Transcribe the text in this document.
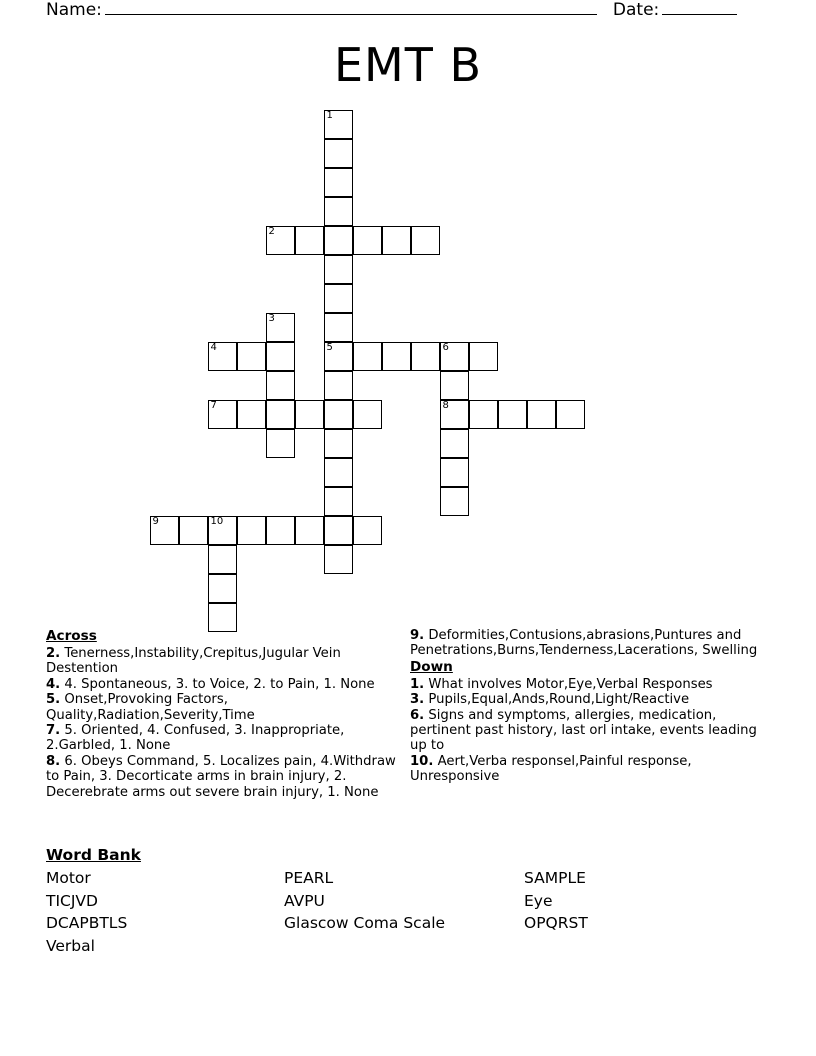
Name:	Date:
EMT B
1
2
3
4	5	6
7	8
9	10
Across
2. Tenerness,Instability,Crepitus,Jugular Vein Destention
4. 4. Spontaneous, 3. to Voice, 2. to Pain, 1. None
5. Onset,Provoking Factors, Quality,Radiation,Severity,Time
7. 5. Oriented, 4. Confused, 3. Inappropriate, 2.Garbled, 1. None
8. 6. Obeys Command, 5. Localizes pain, 4.Withdraw to Pain, 3. Decorticate arms in brain injury, 2. Decerebrate arms out severe brain injury, 1. None
9. Deformities,Contusions,abrasions,Puntures and Penetrations,Burns,Tenderness,Lacerations, Swelling
Down
1. What involves Motor,Eye,Verbal Responses
3. Pupils,Equal,Ands,Round,Light/Reactive
6. Signs and symptoms, allergies, medication, pertinent past history, last orl intake, events leading up to
10. Aert,Verba responsel,Painful response, Unresponsive
Word Bank
Motor	PEARL	SAMPLE
TICJVD	AVPU	Eye
DCAPBTLS	Glascow Coma Scale	OPQRST
Verbal
